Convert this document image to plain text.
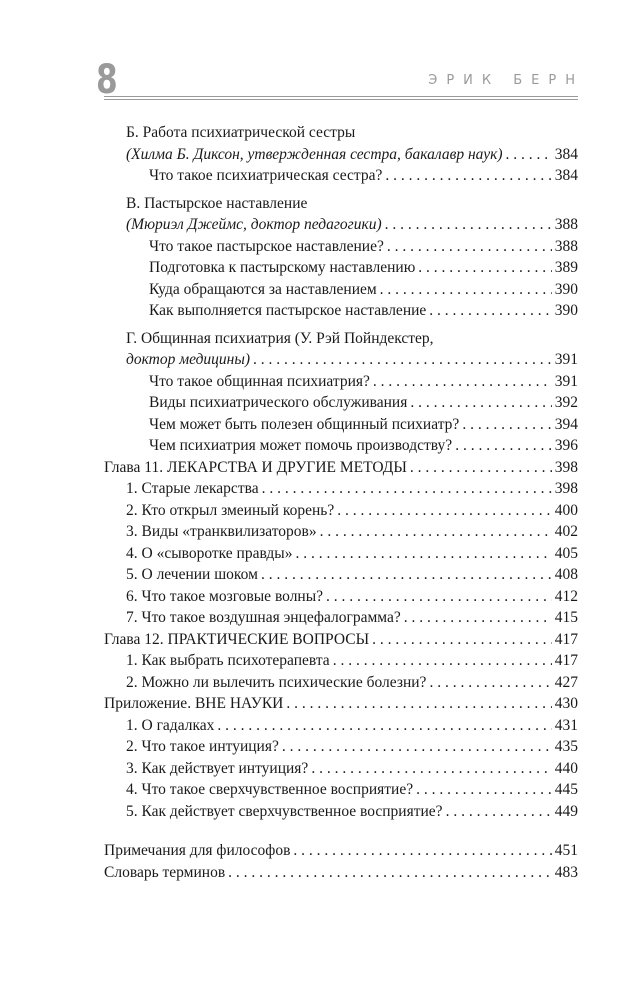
8	ЭРИК БЕРН
Б. Работа психиатрической сестры
(Хилма Б. Диксон, утвержденная сестра, бакалавр наук) . . .	384
Что такое психиатрическая сестра? . . .	384
В. Пастырское наставление
(Мюриэл Джеймс, доктор педагогики) . . .	388
Что такое пастырское наставление? . . .	388
Подготовка к пастырскому наставлению . . .	389
Куда обращаются за наставлением . . .	390
Как выполняется пастырское наставление . . .	390
Г. Общинная психиатрия (У. Рэй Пойндекстер,
доктор медицины) . . .	391
Что такое общинная психиатрия? . . .	391
Виды психиатрического обслуживания . . .	392
Чем может быть полезен общинный психиатр? . . .	394
Чем психиатрия может помочь производству? . . .	396
Глава 11. ЛЕКАРСТВА И ДРУГИЕ МЕТОДЫ . . .	398
1. Старые лекарства . . .	398
2. Кто открыл змеиный корень? . . .	400
3. Виды «транквилизаторов» . . .	402
4. О «сыворотке правды» . . .	405
5. О лечении шоком . . .	408
6. Что такое мозговые волны? . . .	412
7. Что такое воздушная энцефалограмма? . . .	415
Глава 12. ПРАКТИЧЕСКИЕ ВОПРОСЫ . . .	417
1. Как выбрать психотерапевта . . .	417
2. Можно ли вылечить психические болезни? . . .	427
Приложение. ВНЕ НАУКИ . . .	430
1. О гадалках . . .	431
2. Что такое интуиция? . . .	435
3. Как действует интуиция? . . .	440
4. Что такое сверхчувственное восприятие? . . .	445
5. Как действует сверхчувственное восприятие? . . .	449
Примечания для философов . . .	451
Словарь терминов . . .	483
